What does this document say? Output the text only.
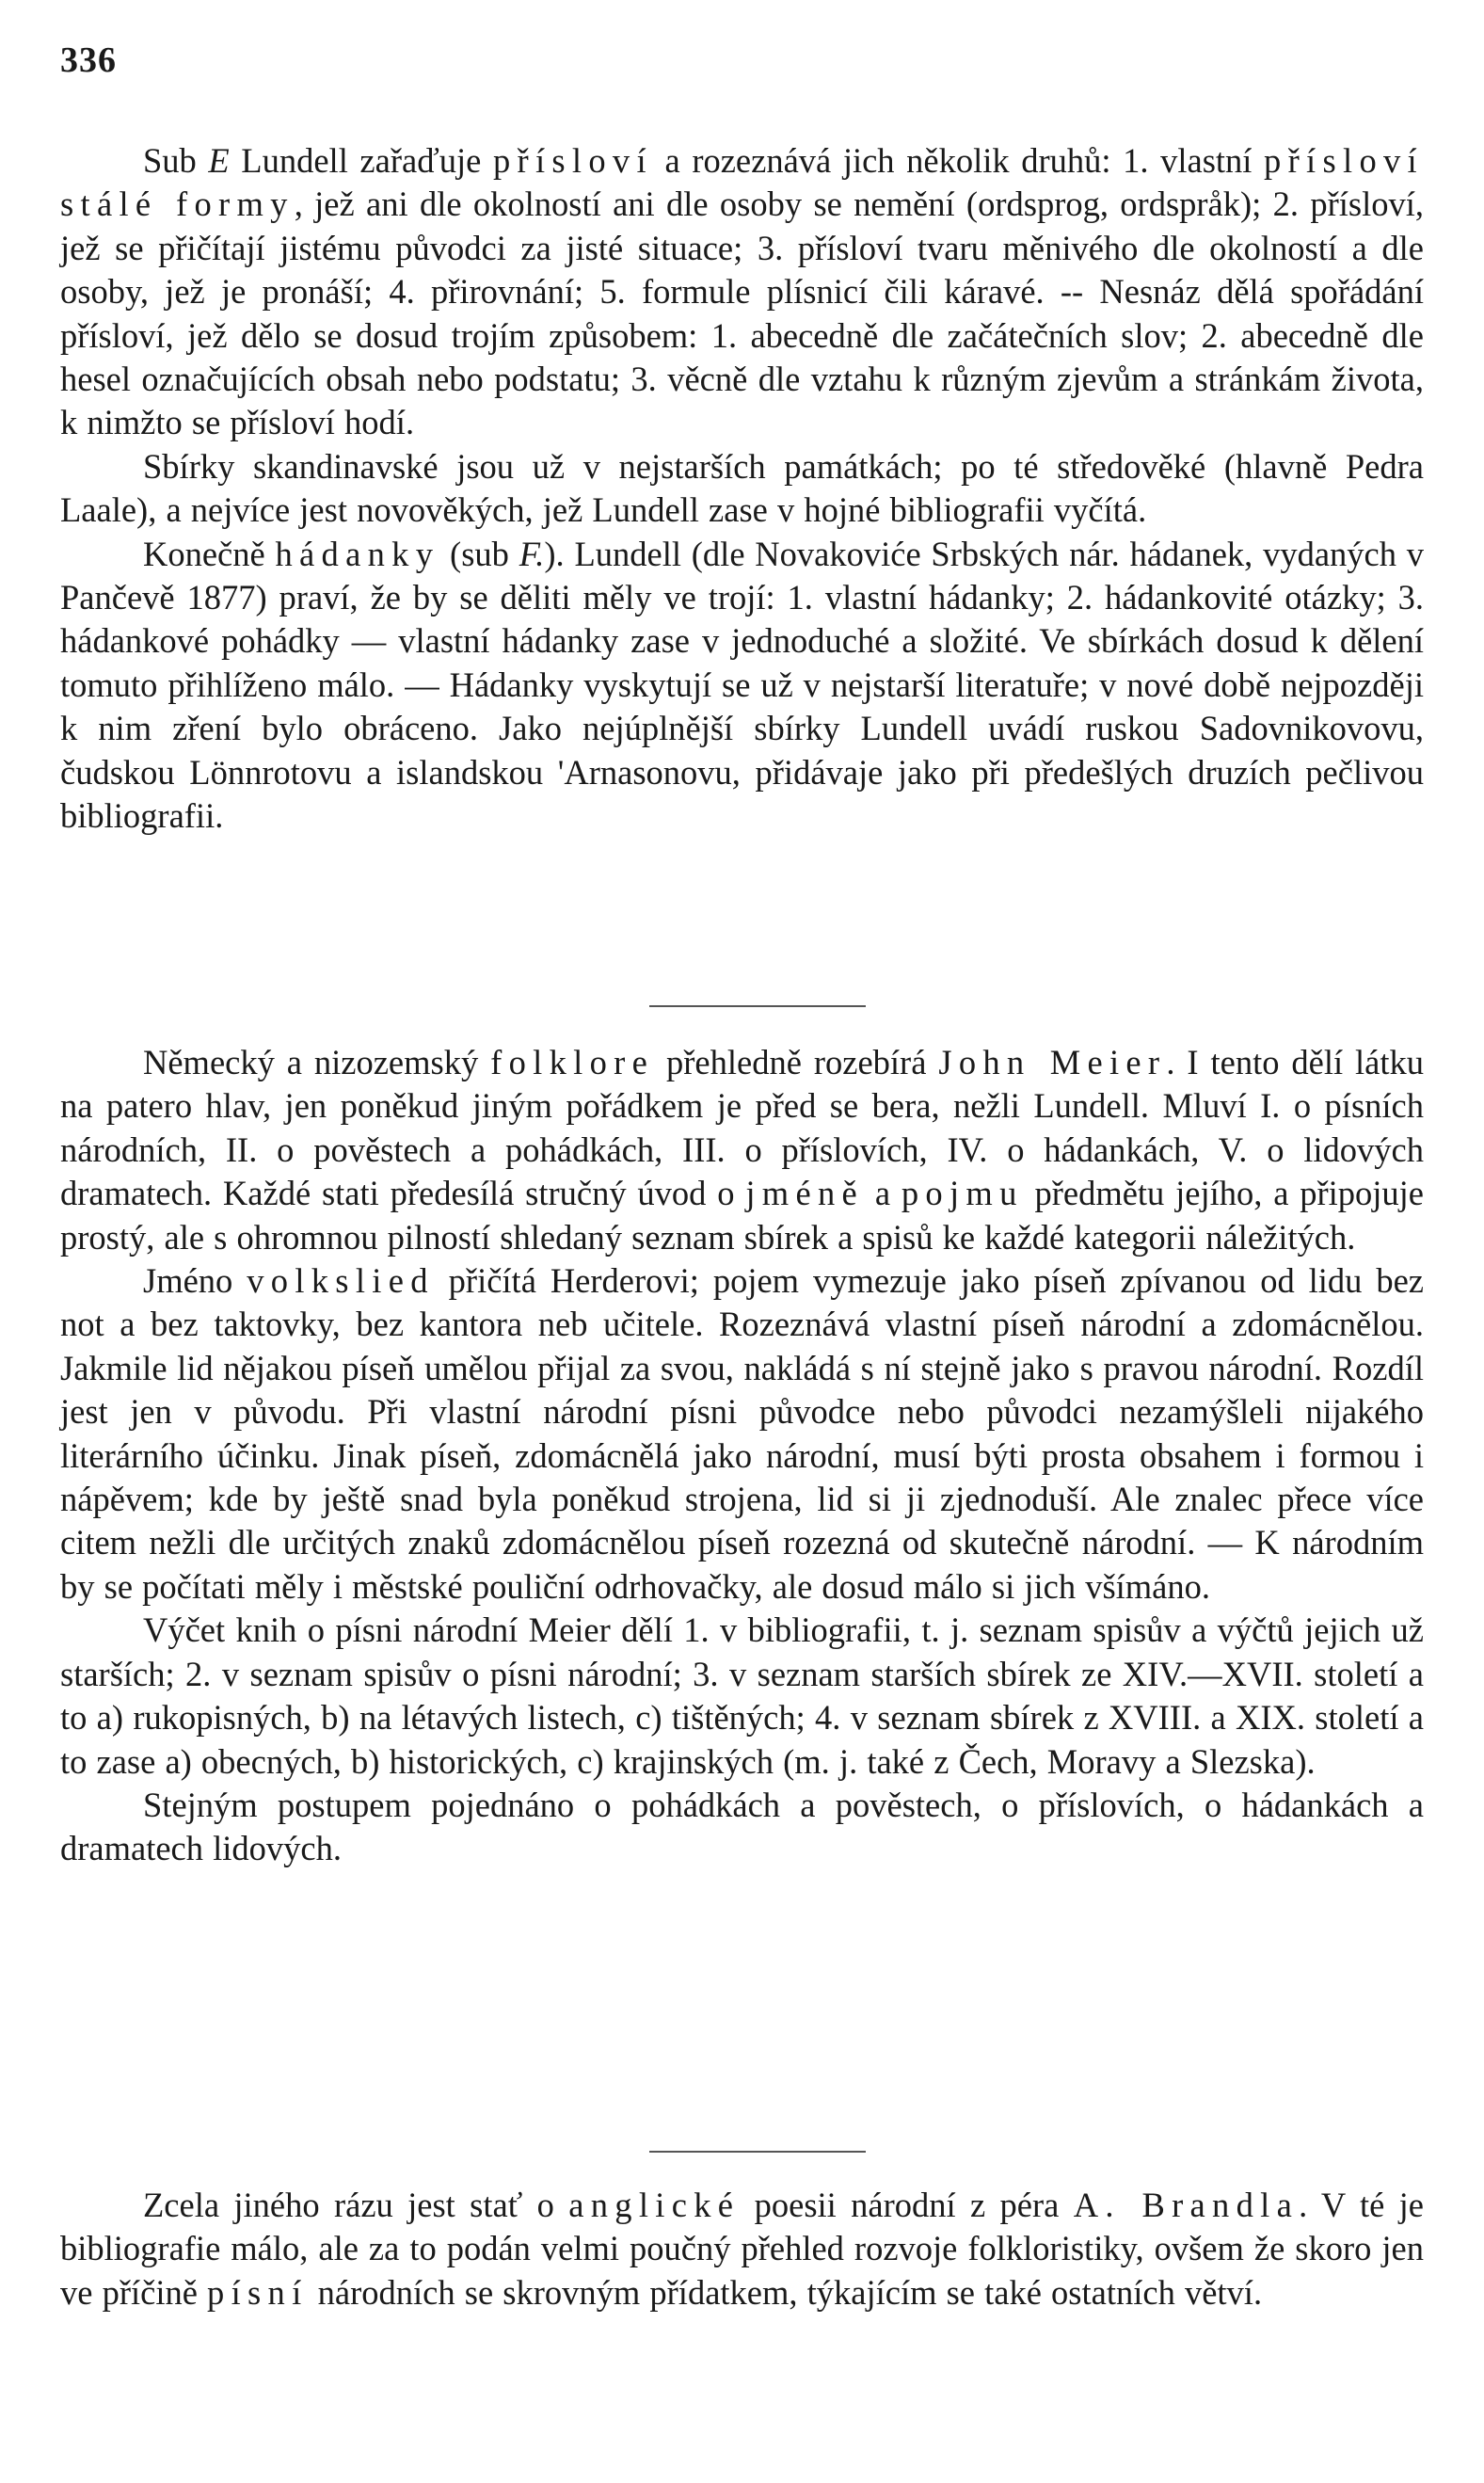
336

Sub E Lundell zařaďuje přísloví a rozeznává jich několik druhů: 1. vlastní přísloví stálé formy, jež ani dle okolností ani dle osoby se nemění (ordsprog, ordspråk); 2. přísloví, jež se přičítají jistému původci za jisté situace; 3. přísloví tvaru měnivého dle okolností a dle osoby, jež je pronáší; 4. přirovnání; 5. formule plísnicí čili káravé. -- Nesnáz dělá spořádání přísloví, jež dělo se dosud trojím způsobem: 1. abecedně dle začátečních slov; 2. abecedně dle hesel označujících obsah nebo podstatu; 3. věcně dle vztahu k různým zjevům a stránkám života, k nimžto se přísloví hodí.

Sbírky skandinavské jsou už v nejstarších památkách; po té středověké (hlavně Pedra Laale), a nejvíce jest novověkých, jež Lundell zase v hojné bibliografii vyčítá.

Konečně hádanky (sub F.). Lundell (dle Novakoviće Srbských nár. hádanek, vydaných v Pančevě 1877) praví, že by se děliti měly ve trojí: 1. vlastní hádanky; 2. hádankovité otázky; 3. hádankové pohádky — vlastní hádanky zase v jednoduché a složité. Ve sbírkách dosud k dělení tomuto přihlíženo málo. — Hádanky vyskytují se už v nejstarší literatuře; v nové době nejpozději k nim zření bylo obráceno. Jako nejúplnější sbírky Lundell uvádí ruskou Sadovnikovovu, čudskou Lönnrotovu a islandskou 'Arnasonovu, přidávaje jako při předešlých druzích pečlivou bibliografii.

Německý a nizozemský folklore přehledně rozebírá John Meier. I tento dělí látku na patero hlav, jen poněkud jiným pořádkem je před se bera, nežli Lundell. Mluví I. o písních národních, II. o pověstech a pohádkách, III. o příslovích, IV. o hádankách, V. o lidových dramatech. Každé stati předesílá stručný úvod o jméně a pojmu předmětu jejího, a připojuje prostý, ale s ohromnou pilností shledaný seznam sbírek a spisů ke každé kategorii náležitých.

Jméno volkslied přičítá Herderovi; pojem vymezuje jako píseň zpívanou od lidu bez not a bez taktovky, bez kantora neb učitele. Rozeznává vlastní píseň národní a zdomácnělou. Jakmile lid nějakou píseň umělou přijal za svou, nakládá s ní stejně jako s pravou národní. Rozdíl jest jen v původu. Při vlastní národní písni původce nebo původci nezamýšleli nijakého literárního účinku. Jinak píseň, zdomácnělá jako národní, musí býti prosta obsahem i formou i nápěvem; kde by ještě snad byla poněkud strojena, lid si ji zjednoduší. Ale znalec přece více citem nežli dle určitých znaků zdomácnělou píseň rozezná od skutečně národní. — K národním by se počítati měly i městské pouliční odrhovačky, ale dosud málo si jich všímáno.

Výčet knih o písni národní Meier dělí 1. v bibliografii, t. j. seznam spisův a výčtů jejich už starších; 2. v seznam spisův o písni národní; 3. v seznam starších sbírek ze XIV.—XVII. století a to a) rukopisných, b) na létavých listech, c) tištěných; 4. v seznam sbírek z XVIII. a XIX. století a to zase a) obecných, b) historických, c) krajinských (m. j. také z Čech, Moravy a Slezska).

Stejným postupem pojednáno o pohádkách a pověstech, o příslovích, o hádankách a dramatech lidových.

Zcela jiného rázu jest stať o anglické poesii národní z péra A. Brandla. V té je bibliografie málo, ale za to podán velmi poučný přehled rozvoje folkloristiky, ovšem že skoro jen ve příčině písní národních se skrovným přídatkem, týkajícím se také ostatních větví.
